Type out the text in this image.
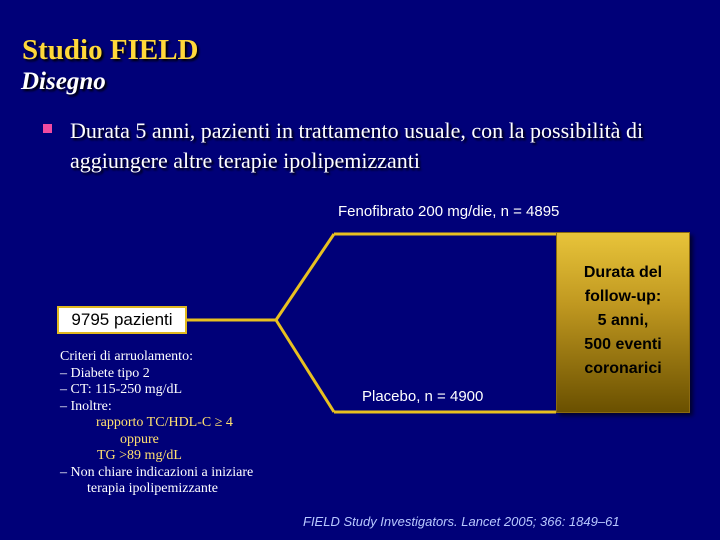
Studio FIELD
Disegno
Durata 5 anni, pazienti in trattamento usuale, con la possibilità di aggiungere altre terapie ipolipemizzanti
Fenofibrato 200 mg/die, n = 4895
Placebo, n = 4900
9795 pazienti
Durata del
follow-up:
5 anni,
500 eventi
coronarici
Criteri di arruolamento:
– Diabete tipo 2
– CT: 115-250 mg/dL
– Inoltre:
rapporto TC/HDL-C ≥ 4
oppure
TG >89 mg/dL
– Non chiare indicazioni a iniziare
terapia ipolipemizzante
FIELD Study Investigators. Lancet 2005; 366: 1849–61
